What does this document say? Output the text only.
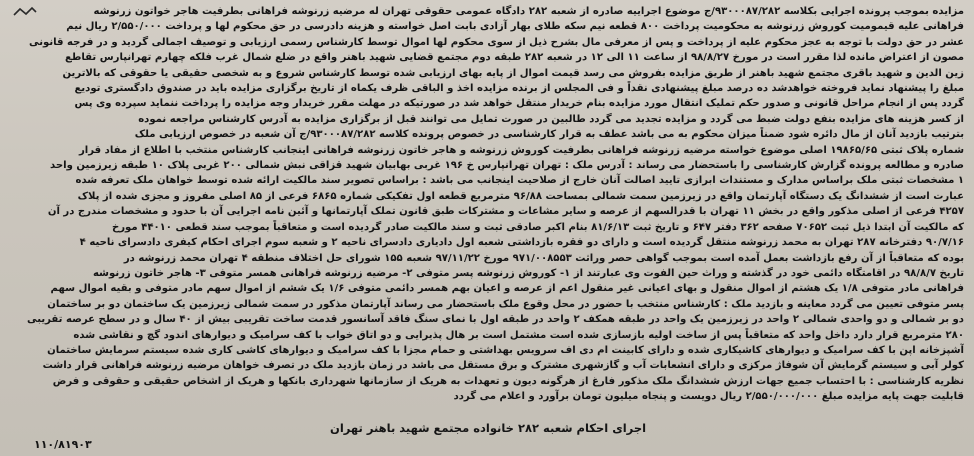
مزایده بموجب پرونده اجرایی بکلاسه ۹۳۰۰۰۸۷/۲۸۲/ج موضوع اجراییه صادره از شعبه ۲۸۲ دادگاه عمومی حقوقی تهران له مرضیه زرنوشه فراهانی بطرفیت هاجر خواتون زرنوشه
فراهانی علیه قیمومیت کوروش زرنوشه به محکومیت پرداخت ۸۰۰ قطعه نیم سکه طلای بهار آزادی بابت اصل خواسته و هزینه دادرسی در حق محکوم لها و پرداخت ۲/۵۵۰/۰۰۰ ریال نیم
عشر در حق دولت با توجه به عجز محکوم علیه از پرداخت و پس از معرفی مال بشرح ذیل از سوی محکوم لها اموال توسط کارشناس رسمی ارزیابی و توصیف اجمالی گردید و در فرجه قانونی
مصون از اعتراض مانده لذا مقرر است در مورخ ۹۸/۸/۲۷ از ساعت ۱۱ الی ۱۲ در شعبه ۲۸۲ طبقه دوم مجتمع قضایی شهید باهنر واقع در ضلع شمال غرب فلکه چهارم تهرانپارس تقاطع
زین الدین و شهید باقری مجتمع شهید باهنر از طریق مزایده بفروش می رسد قیمت اموال از پایه بهای ارزیابی شده توسط کارشناس شروع و به شخصی حقیقی یا حقوقی که بالاترین
مبلغ را پیشنهاد نماید فروخته خواهدشد ده درصد مبلغ پیشنهادی نقداً و فی المجلس از برنده مزایده اخذ و الباقی ظرف یکماه از تاریخ برگزاری مزایده باید در صندوق دادگستری تودیع
گردد پس از انجام مراحل قانونی و صدور حکم تملیک انتقال مورد مزایده بنام خریدار منتقل خواهد شد در صورتیکه در مهلت مقرر خریدار وجه مزایده را پرداخت ننماید سپرده وی پس
از کسر هزینه های مزایده بنفع دولت ضبط می گردد و مزایده تجدید می گردد طالبین در صورت تمایل می توانند قبل از برگزاری مزایده به آدرس کارشناس مراجعه نموده
بترتیب بازدید آنان از مال دائره شود ضمناً میزان محکوم به می باشد عطف به قرار کارشناسی در خصوص پرونده کلاسه ۹۳۰۰۰۸۷/۲۸۲/ج آن شعبه در خصوص ارزیابی ملک
شماره پلاک ثبتی ۱۹۸۶۵/۶۵ اصلی موضوع خواسته مرضیه زرنوشه فراهانی بطرفیت کوروش زرنوشه و هاجر خاتون زرنوشه فراهانی اینجانب کارشناس منتخب با اطلاع از مفاد قرار
صادره و مطالعه پرونده گزارش کارشناسی را باستحضار می رساند : آدرس ملک : تهران تهرانپارس خ ۱۹۶ غربی بهابیان شهید قزاقی نبش شمالی ۲۰۰ غربی پلاک ۱۰ طبقه زیرزمین واحد
۱ مشخصات ثبتی ملک براساس مدارک و مستندات ابرازی تایید اصالت آنان خارج از صلاحیت اینجانب می باشد : براساس تصویر سند مالکیت ارائه شده توسط خواهان ملک تعرفه شده
عبارت است از ششدانگ یک دستگاه آپارتمان واقع در زیرزمین سمت شمالی بمساحت ۹۶/۸۸ مترمربع قطعه اول تفکیکی شماره ۶۸۶۵ فرعی از ۸۵ اصلی مفروز و مجزی شده از پلاک
۴۲۵۷ فرعی از اصلی مذکور واقع در بخش ۱۱ تهران با قدرالسهم از عرصه و سایر مشاعات و مشترکات طبق قانون تملک آپارتمانها و آئین نامه اجرایی آن با حدود و مشخصات مندرج در آن
که مالکیت آن ابتدا ذیل ثبت ۷۰۶۵۲ صفحه ۳۶۲ دفتر ۶۴۷ و تاریخ ثبت ۸۱/۶/۱۳ بنام اکبر صادقی ثبت و سند مالکیت صادر گردیده است و متعاقباً بموجب سند قطعی ۴۴۰۱۰ مورخ
۹۰/۷/۱۶ دفترخانه ۲۸۷ تهران به محمد زرنوشه منتقل گردیده است و دارای دو فقره بازداشتی شعبه اول دادیاری دادسرای ناحیه ۲ و شعبه سوم اجرای احکام کیفری دادسرای ناحیه ۴
بوده که متعاقباً از آن رفع بازداشت بعمل آمده است بموجب گواهی حصر وراثت ۹۷۱/۰۰۸۵۵۳ مورخ ۹۷/۱۱/۲۲ شعبه ۱۵۵ شورای حل اختلاف منطقه ۴ تهران محمد زرنوشه در
تاریخ ۹۸/۸/۷ در اقامتگاه دائمی خود در گذشته و وراث حین الفوت وی عبارتند از ۱- کوروش زرنوشه پسر متوفی ۲- مرضیه زرنوشه فراهانی همسر متوفی ۳- هاجر خاتون زرنوشه
فراهانی مادر متوفی ۱/۸ یک هشتم از اموال منقول و بهای اعیانی غیر منقول اعم از عرصه و اعیان بهم همسر دائمی متوفی ۱/۶ یک ششم از اموال سهم مادر متوفی و بقیه اموال سهم
پسر متوفی تعیین می گردد معاینه و بازدید ملک : کارشناس منتخب با حضور در محل وقوع ملک باستحضار می رساند آپارتمان مذکور در سمت شمالی زیرزمین یک ساختمان دو بر ساختمان
دو بر شمالی و دو واحدی شمالی ۲ واحد در زیرزمین یک واحد در طبقه همکف ۲ واحد در طبقه اول با نمای سنگ فاقد آسانسور قدمت ساخت تقریبی بیش از ۴۰ سال و در سطح عرصه تقریبی
۲۸۰ مترمربع قرار دارد داخل واحد که متعاقباً پس از ساخت اولیه بازسازی شده است مشتمل است بر هال پذیرایی و دو اتاق خواب با کف سرامیک و دیوارهای اندود گچ و نقاشی شده
آشپزخانه اپن با کف سرامیک و دیوارهای کاشیکاری شده و دارای کابینت ام دی اف سرویس بهداشتی و حمام مجزا با کف سرامیک و دیوارهای کاشی کاری شده سیستم سرمایش ساختمان
کولر آبی و سیستم گرمایش آن شوفاژ مرکزی و دارای انشعابات آب و گازشهری مشترک و برق مستقل می باشد در زمان بازدید ملک در تصرف خواهان مرضیه زرنوشه فراهانی قرار داشت
نظریه کارشناسی : با احتساب جمیع جهات ارزش ششدانگ ملک مذکور فارغ از هرگونه دیون و تعهدات به هریک از سازمانها شهرداری بانکها و هریک از اشخاص حقیقی و حقوقی و فرض
قابلیت جهت پایه مزایده مبلغ ۲/۵۵۰/۰۰۰/۰۰۰ ریال دویست و پنجاه میلیون تومان برآورد و اعلام می گردد
اجرای احکام شعبه ۲۸۲ خانواده مجتمع شهید باهنر تهران
۱۱۰/۸۱۹۰۳
